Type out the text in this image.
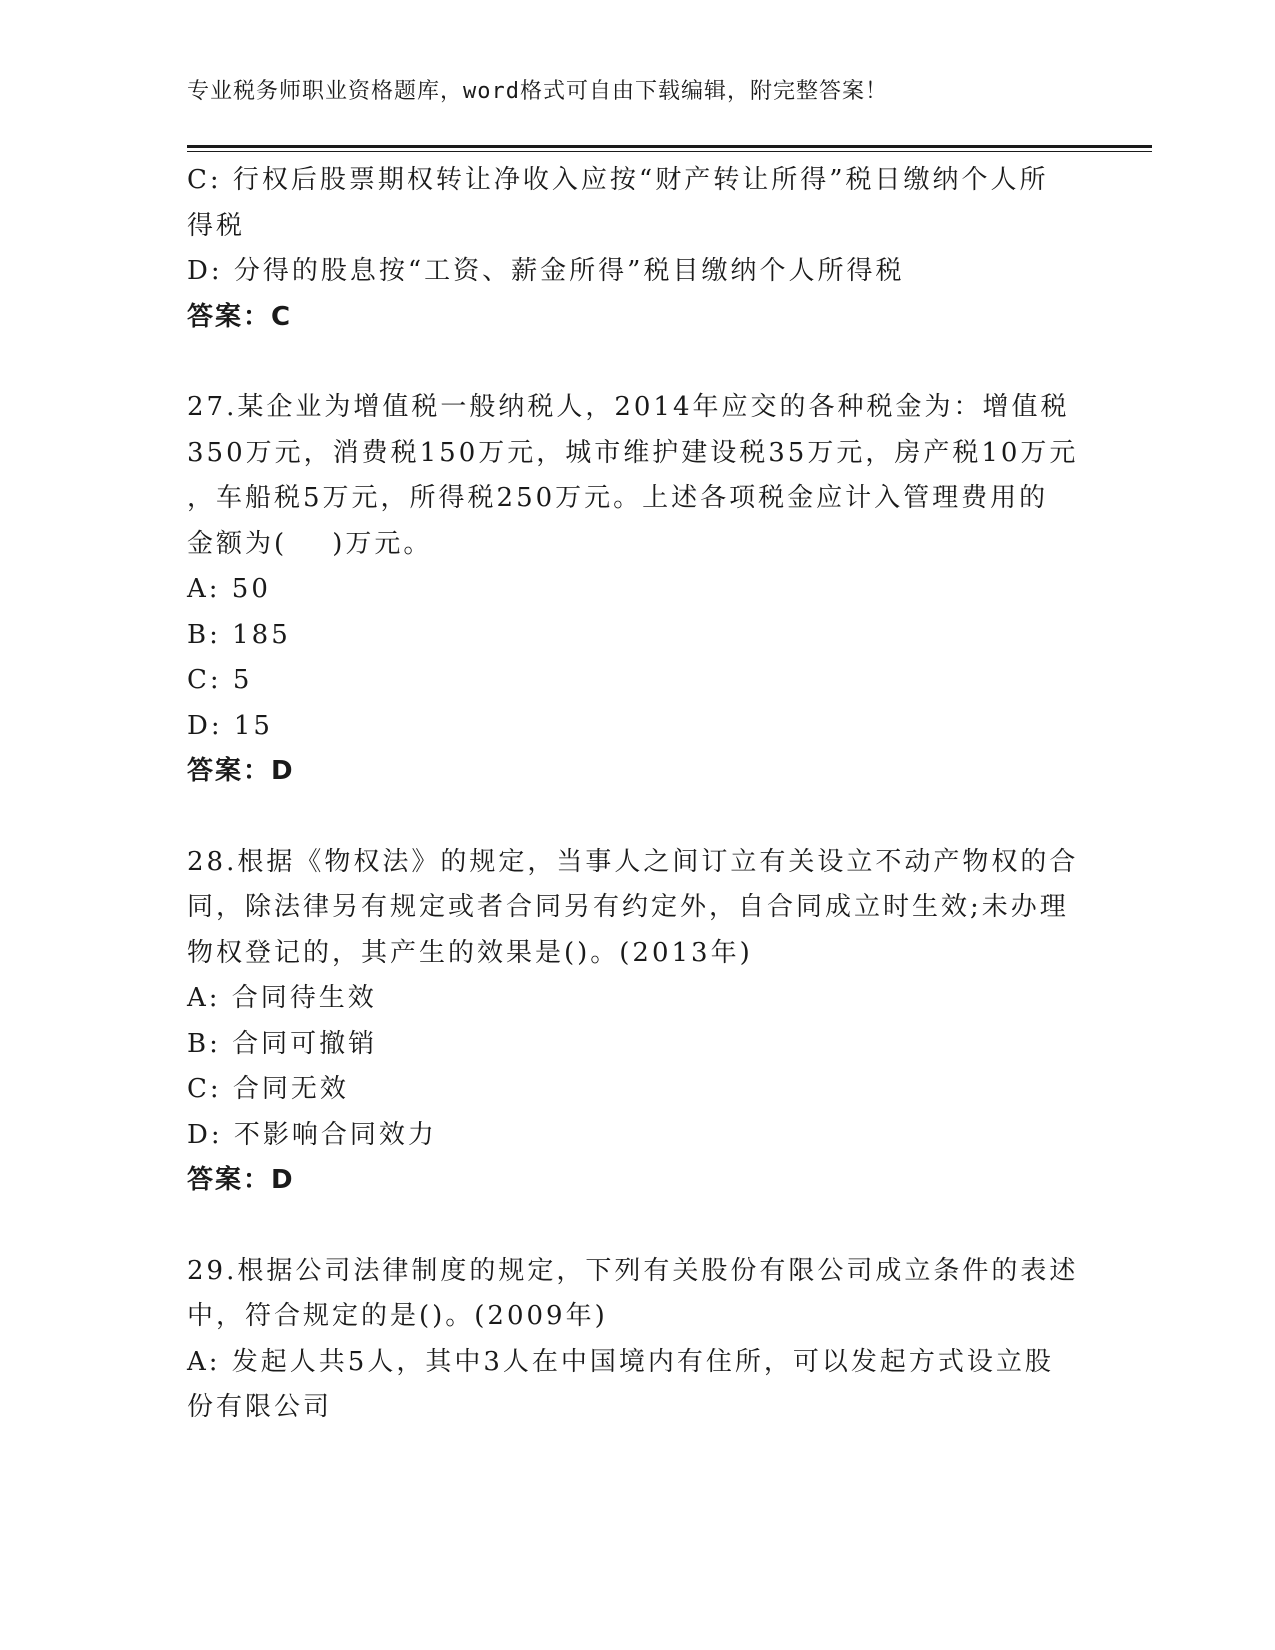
专业税务师职业资格题库，word格式可自由下载编辑，附完整答案！
C: 行权后股票期权转让净收入应按“财产转让所得”税日缴纳个人所
得税
D: 分得的股息按“工资、薪金所得”税目缴纳个人所得税
答案：C
27.某企业为增值税一般纳税人，2014年应交的各种税金为：增值税
350万元，消费税150万元，城市维护建设税35万元，房产税10万元
，车船税5万元，所得税250万元。上述各项税金应计入管理费用的
金额为(    )万元。
A: 50
B: 185
C: 5
D: 15
答案：D
28.根据《物权法》的规定，当事人之间订立有关设立不动产物权的合
同，除法律另有规定或者合同另有约定外，自合同成立时生效;未办理
物权登记的，其产生的效果是()。(2013年)
A: 合同待生效
B: 合同可撤销
C: 合同无效
D: 不影响合同效力
答案：D
29.根据公司法律制度的规定，下列有关股份有限公司成立条件的表述
中，符合规定的是()。(2009年)
A: 发起人共5人，其中3人在中国境内有住所，可以发起方式设立股
份有限公司
